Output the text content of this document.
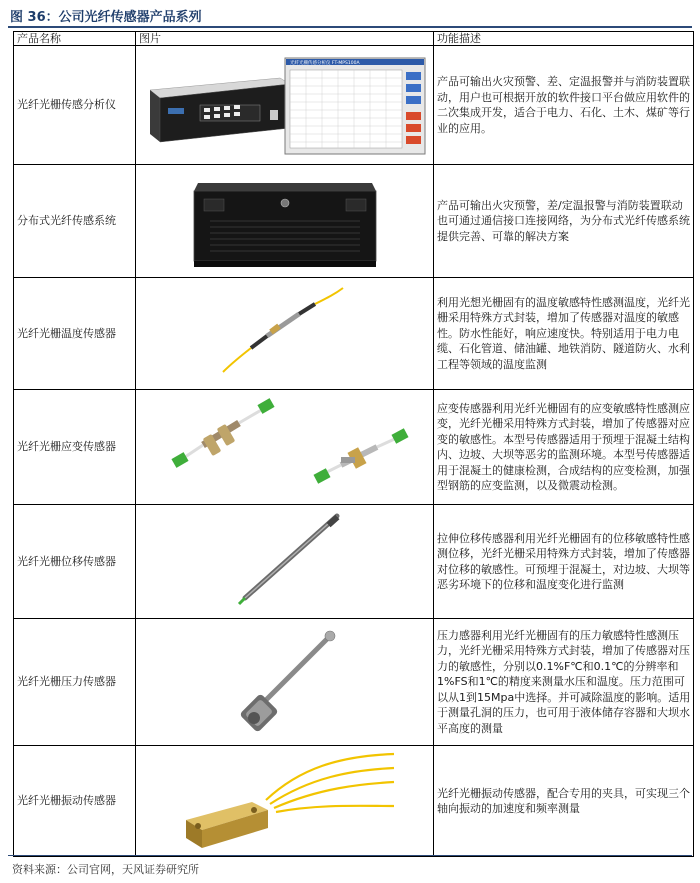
图 36：公司光纤传感器产品系列
产品名称	图片	功能描述
光纤光栅传感分析仪	光纤光栅传感分析仪 FT-MPS100A	产品可输出火灾预警、差、定温报警并与消防装置联动，用户也可根据开放的软件接口平台做应用软件的二次集成开发，适合于电力、石化、土木、煤矿等行业的应用。

分布式光纤传感系统		产品可输出火灾预警，差/定温报警与消防装置联动也可通过通信接口连接网络，为分布式光纤传感系统提供完善、可靠的解决方案

光纤光栅温度传感器		利用光想光栅固有的温度敏感特性感测温度，光纤光栅采用特殊方式封装，增加了传感器对温度的敏感性。防水性能好，响应速度快。特别适用于电力电缆、石化管道、储油罐、地铁消防、隧道防火、水利工程等领域的温度监测

光纤光栅应变传感器		应变传感器利用光纤光栅固有的应变敏感特性感测应变，光纤光栅采用特殊方式封装，增加了传感器对应变的敏感性。本型号传感器适用于预埋于混凝土结构内、边坡、大坝等恶劣的监测环境。本型号传感器适用于混凝土的健康检测，合成结构的应变检测，加强型钢筋的应变监测，以及微震动检测。

光纤光栅位移传感器		拉伸位移传感器利用光纤光栅固有的位移敏感特性感测位移，光纤光栅采用特殊方式封装，增加了传感器对位移的敏感性。可预埋于混凝土，对边坡、大坝等恶劣环境下的位移和温度变化进行监测

光纤光栅压力传感器		压力感器利用光纤光栅固有的压力敏感特性感测压力，光纤光栅采用特殊方式封装，增加了传感器对压力的敏感性，分别以0.1%F℃和0.1℃的分辨率和1%FS和1℃的精度来测量水压和温度。压力范围可以从1到15Mpa中选择。并可减除温度的影响。适用于测量孔洞的压力，也可用于液体储存容器和大坝水平高度的测量

光纤光栅振动传感器		光纤光栅振动传感器，配合专用的夹具，可实现三个轴向振动的加速度和频率测量
资料来源：公司官网，天风证券研究所
